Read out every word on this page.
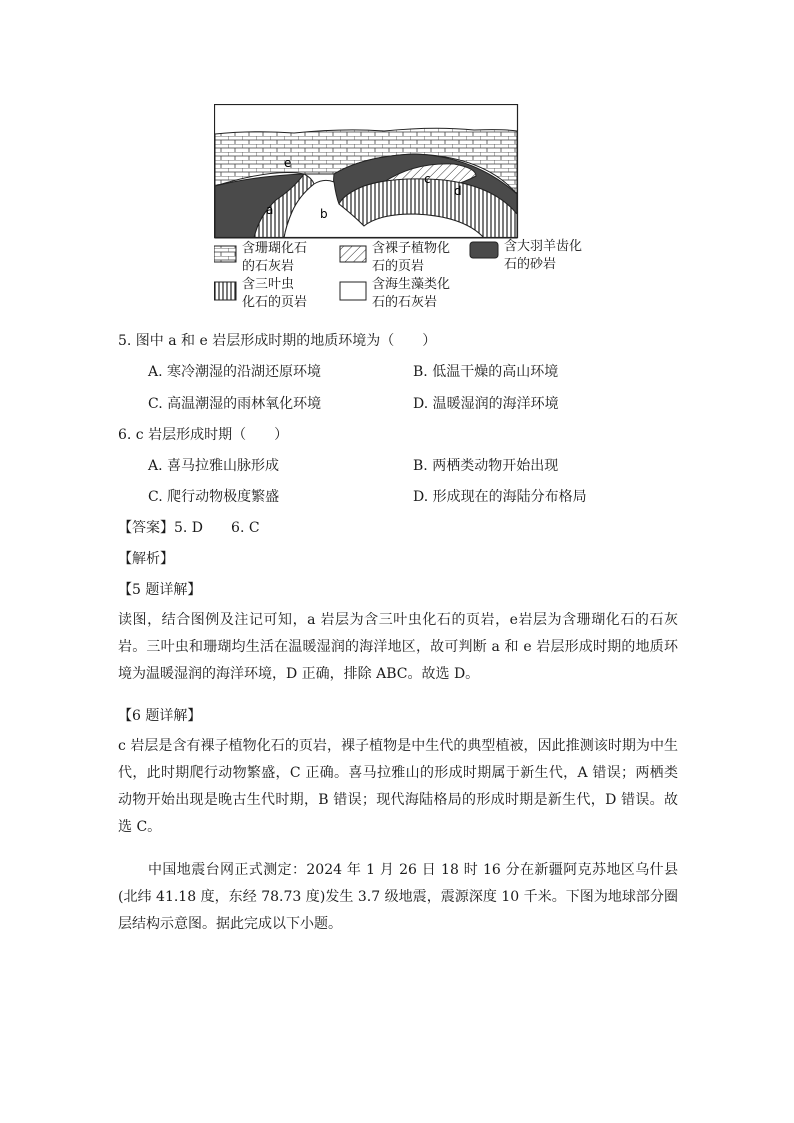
e
c
d
a	b
含珊瑚化石
的石灰岩
含裸子植物化
石的页岩
含大羽羊齿化
石的砂岩
含三叶虫
化石的页岩
含海生藻类化
石的石灰岩
5. 图中 a 和 e 岩层形成时期的地质环境为（　　）
A. 寒冷潮湿的沿湖还原环境	B. 低温干燥的高山环境
C. 高温潮湿的雨林氧化环境	D. 温暖湿润的海洋环境
6. c 岩层形成时期（　　）
A. 喜马拉雅山脉形成	B. 两栖类动物开始出现
C. 爬行动物极度繁盛	D. 形成现在的海陆分布格局
【答案】5. D　　6. C
【解析】
【5 题详解】
读图，结合图例及注记可知，a 岩层为含三叶虫化石的页岩，e岩层为含珊瑚化石的石灰岩。三叶虫和珊瑚均生活在温暖湿润的海洋地区，故可判断 a 和 e 岩层形成时期的地质环境为温暖湿润的海洋环境，D 正确，排除 ABC。故选 D。
【6 题详解】
c 岩层是含有裸子植物化石的页岩，裸子植物是中生代的典型植被，因此推测该时期为中生代，此时期爬行动物繁盛，C 正确。喜马拉雅山的形成时期属于新生代，A 错误；两栖类动物开始出现是晚古生代时期，B 错误；现代海陆格局的形成时期是新生代，D 错误。故选 C。
中国地震台网正式测定：2024 年 1 月 26 日 18 时 16 分在新疆阿克苏地区乌什县(北纬 41.18 度，东经 78.73 度)发生 3.7 级地震，震源深度 10 千米。下图为地球部分圈层结构示意图。据此完成以下小题。
